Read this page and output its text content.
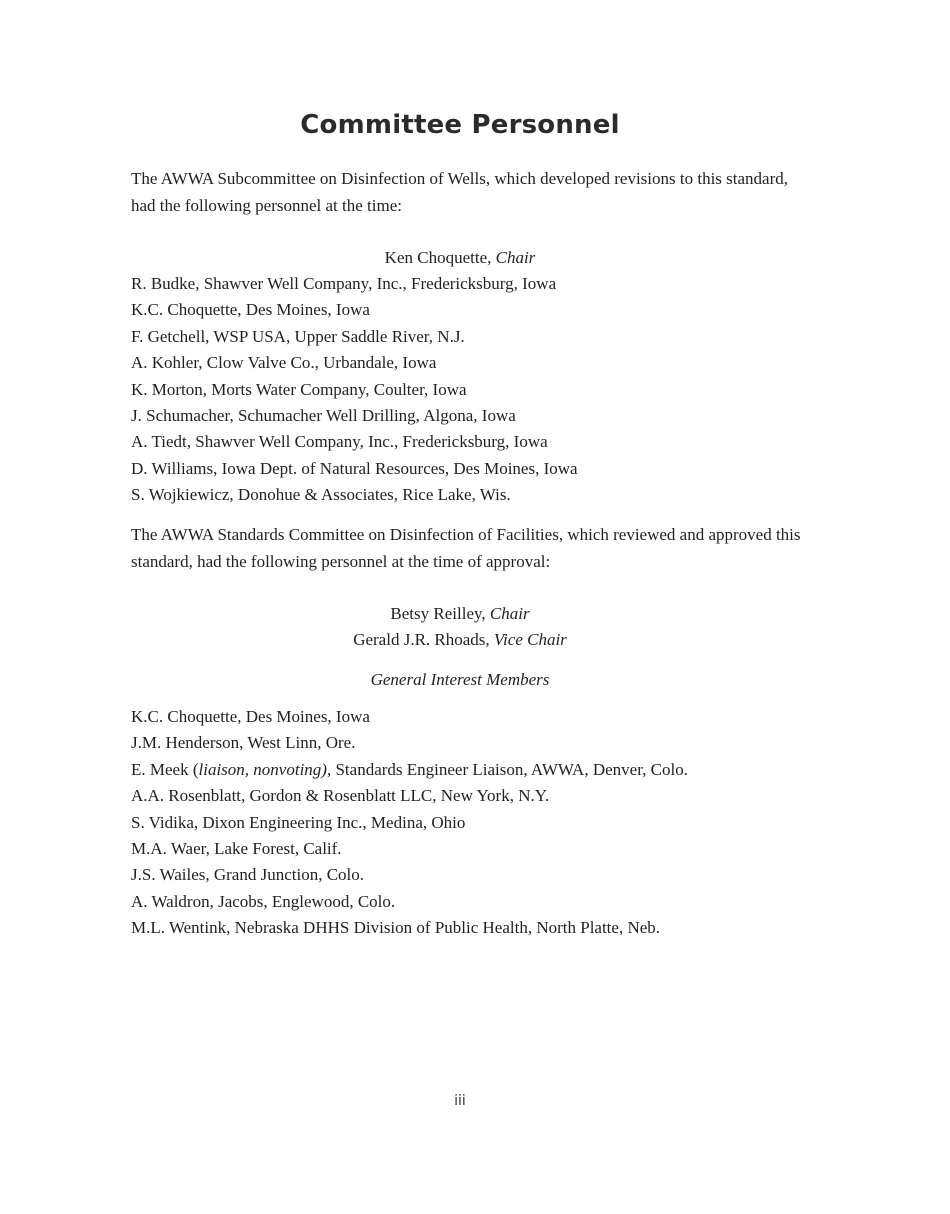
Committee Personnel

The AWWA Subcommittee on Disinfection of Wells, which developed revisions to this standard, had the following personnel at the time:

Ken Choquette, Chair

R. Budke, Shawver Well Company, Inc., Fredericksburg, Iowa
K.C. Choquette, Des Moines, Iowa
F. Getchell, WSP USA, Upper Saddle River, N.J.
A. Kohler, Clow Valve Co., Urbandale, Iowa
K. Morton, Morts Water Company, Coulter, Iowa
J. Schumacher, Schumacher Well Drilling, Algona, Iowa
A. Tiedt, Shawver Well Company, Inc., Fredericksburg, Iowa
D. Williams, Iowa Dept. of Natural Resources, Des Moines, Iowa
S. Wojkiewicz, Donohue & Associates, Rice Lake, Wis.

The AWWA Standards Committee on Disinfection of Facilities, which reviewed and approved this standard, had the following personnel at the time of approval:

Betsy Reilley, Chair

Gerald J.R. Rhoads, Vice Chair

General Interest Members

K.C. Choquette, Des Moines, Iowa
J.M. Henderson, West Linn, Ore.
E. Meek (liaison, nonvoting), Standards Engineer Liaison, AWWA, Denver, Colo.
A.A. Rosenblatt, Gordon & Rosenblatt LLC, New York, N.Y.
S. Vidika, Dixon Engineering Inc., Medina, Ohio
M.A. Waer, Lake Forest, Calif.
J.S. Wailes, Grand Junction, Colo.
A. Waldron, Jacobs, Englewood, Colo.
M.L. Wentink, Nebraska DHHS Division of Public Health, North Platte, Neb.

iii
